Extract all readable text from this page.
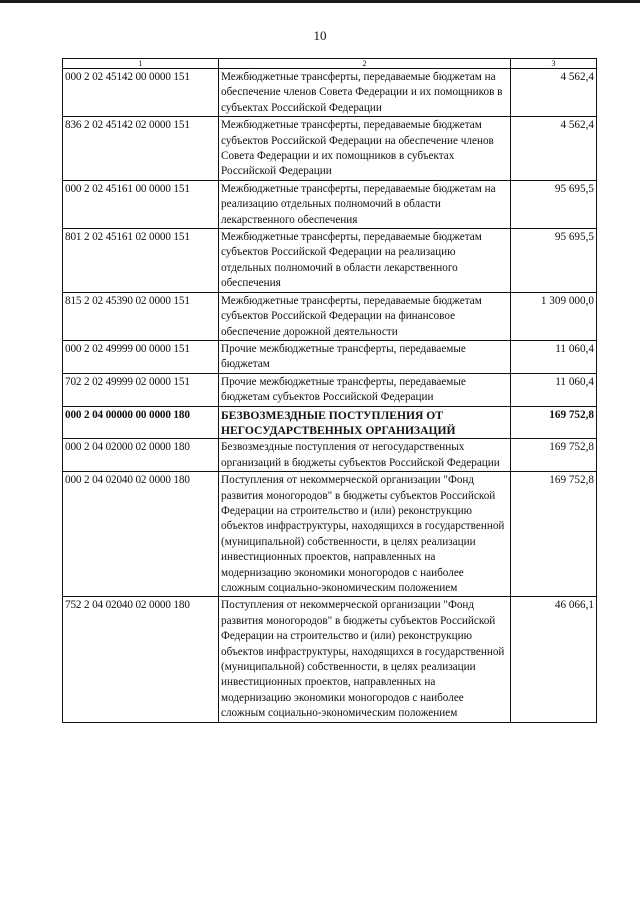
10
1	2	3
000 2 02 45142 00 0000 151	Межбюджетные трансферты, передаваемые бюджетам на обеспечение членов Совета Федерации и их помощников в субъектах Российской Федерации	4 562,4
836 2 02 45142 02 0000 151	Межбюджетные трансферты, передаваемые бюджетам субъектов Российской Федерации на обеспечение членов Совета Федерации и их помощников в субъектах Российской Федерации	4 562,4
000 2 02 45161 00 0000 151	Межбюджетные трансферты, передаваемые бюджетам на реализацию отдельных полномочий в области лекарственного обеспечения	95 695,5
801 2 02 45161 02 0000 151	Межбюджетные трансферты, передаваемые бюджетам субъектов Российской Федерации на реализацию отдельных полномочий в области лекарственного обеспечения	95 695,5
815 2 02 45390 02 0000 151	Межбюджетные трансферты, передаваемые бюджетам субъектов Российской Федерации на финансовое обеспечение дорожной деятельности	1 309 000,0
000 2 02 49999 00 0000 151	Прочие межбюджетные трансферты, передаваемые бюджетам	11 060,4
702 2 02 49999 02 0000 151	Прочие межбюджетные трансферты, передаваемые бюджетам субъектов Российской Федерации	11 060,4
000 2 04 00000 00 0000 180	БЕЗВОЗМЕЗДНЫЕ ПОСТУПЛЕНИЯ ОТ НЕГОСУДАРСТВЕННЫХ ОРГАНИЗАЦИЙ	169 752,8
000 2 04 02000 02 0000 180	Безвозмездные поступления от негосударственных организаций в бюджеты субъектов Российской Федерации	169 752,8
000 2 04 02040 02 0000 180	Поступления от некоммерческой организации "Фонд развития моногородов" в бюджеты субъектов Российской Федерации на строительство и (или) реконструкцию объектов инфраструктуры, находящихся в государственной (муниципальной) собственности, в целях реализации инвестиционных проектов, направленных на модернизацию экономики моногородов с наиболее сложным социально-экономическим положением	169 752,8
752 2 04 02040 02 0000 180	Поступления от некоммерческой организации "Фонд развития моногородов" в бюджеты субъектов Российской Федерации на строительство и (или) реконструкцию объектов инфраструктуры, находящихся в государственной (муниципальной) собственности, в целях реализации инвестиционных проектов, направленных на модернизацию экономики моногородов с наиболее сложным социально-экономическим положением	46 066,1
